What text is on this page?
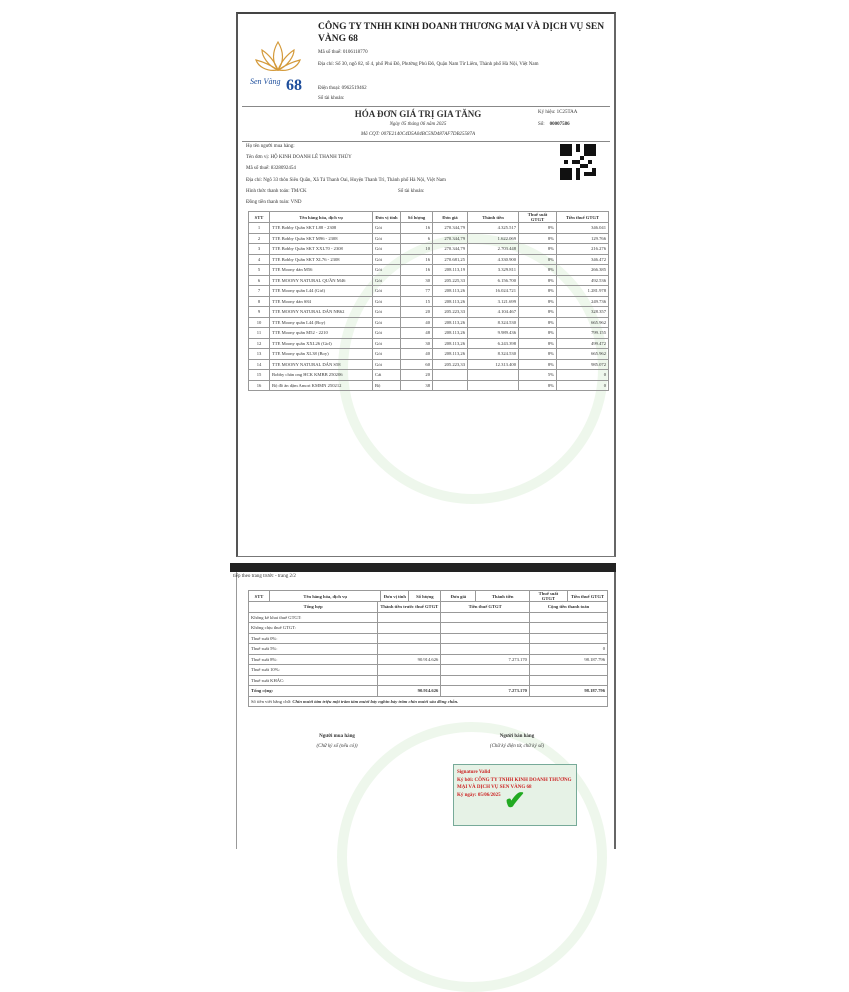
Sen Vàng 68
CÔNG TY TNHH KINH DOANH THƯƠNG MẠI VÀ DỊCH VỤ SEN VÀNG 68
Mã số thuế: 0106118770
Địa chỉ: Số 30, ngõ 82, tổ 4, phố Phú Đô, Phường Phú Đô, Quận Nam Từ Liêm, Thành phố Hà Nội, Việt Nam
Điện thoại: 0962519462
Số tài khoản:
HÓA ĐƠN GIÁ TRỊ GIA TĂNG
Ngày 05 tháng 06 năm 2025
Mã CQT: 007E2140C4D5A04BC59D487AF7DB25587A
Ký hiệu: 1C25TAA
Số: 00007586
Họ tên người mua hàng:
Tên đơn vị: HỘ KINH DOANH LÊ THANH THỦY
Mã số thuế: 8328092454
Địa chỉ: Ngõ 33 thôn Siêu Quần, Xã Tả Thanh Oai, Huyện Thanh Trì, Thành phố Hà Nội, Việt Nam
Hình thức thanh toán: TM/CK	Số tài khoản:
Đồng tiền thanh toán: VND
STT	Tên hàng hóa, dịch vụ	Đơn vị tính	Số lượng	Đơn giá	Thành tiền	Thuế suất GTGT	Tiền thuế GTGT
1	TTE Bobby Quần SKT L88 - 2308	Gói	16	270.344,79	4.325.517	8%	346.041
2	TTE Bobby Quần SKT M96 - 2308	Gói	6	270.344,79	1.622.069	8%	129.766
3	TTE Bobby Quần SKT XXL70 - 2308	Gói	10	270.344,79	2.703.448	8%	216.276
4	TTE Bobby Quần SKT XL76 - 2308	Gói	16	270.681,25	4.330.900	8%	346.472
5	TTE Moony dán M56	Gói	16	208.113,19	3.329.811	8%	266.385
6	TTE MOONY NATURAL QUẦN M46	Gói	30	205.225,33	6.156.700	8%	492.536
7	TTE Moony quần L44 (Girl)	Gói	77	208.113,26	16.024.721	8%	1.281.978
8	TTE Moony dán S84	Gói	15	208.113,26	3.121.699	8%	249.736
9	TTE MOONY NATURAL DÁN NB62	Gói	20	205.223,33	4.104.467	8%	328.357
10	TTE Moony quần L44 (Boy)	Gói	40	208.113,26	8.324.530	8%	665.962
11	TTE Moony quần M52 - 2210	Gói	48	208.113,26	9.989.436	8%	799.155
12	TTE Moony quần XXL26 (Girl)	Gói	30	208.113,26	6.243.398	8%	499.472
13	TTE Moony quần XL38 (Boy)	Gói	40	208.113,26	8.324.530	8%	665.962
14	TTE MOONY NATURAL DÁN S58	Gói	60	205.223,33	12.313.400	8%	985.072
15	Bobby chăn ong HCK KMBB 250206	Cái	20			5%	0
16	Bộ đồ ăn dặm Amori KMMN 250212	Bộ	38			8%	0
tiếp theo trang trước - trang 2/2
STT	Tên hàng hóa, dịch vụ		Đơn vị tính	Số lượng	Đơn giá	Thành tiền	Thuế suất GTGT	Tiền thuế GTGT
Tổng hợp		Thành tiền trước thuế GTGT			Tiền thuế GTGT		Cộng tiền thanh toán	
Không kê khai thuế GTGT:								
Không chịu thuế GTGT:								
Thuế suất 0%:								
Thuế suất 5%:							0	
Thuế suất 8%:		90.914.626			7.273.170		98.187.796	
Thuế suất 10%:								
Thuế suất KHÁC:								
Tổng cộng:		90.914.626			7.273.170		98.187.796	
Số tiền viết bằng chữ: Chín mươi tám triệu một trăm tám mươi bảy nghìn bảy trăm chín mươi sáu đồng chẵn.								
Người mua hàng
(Chữ ký số (nếu có))
Người bán hàng
(Chữ ký điện tử, chữ ký số)
Signature Valid
Ký bởi: CÔNG TY TNHH KINH DOANH THƯƠNG MẠI VÀ DỊCH VỤ SEN VÀNG 68
Ký ngày: 05/06/2025 ✔
